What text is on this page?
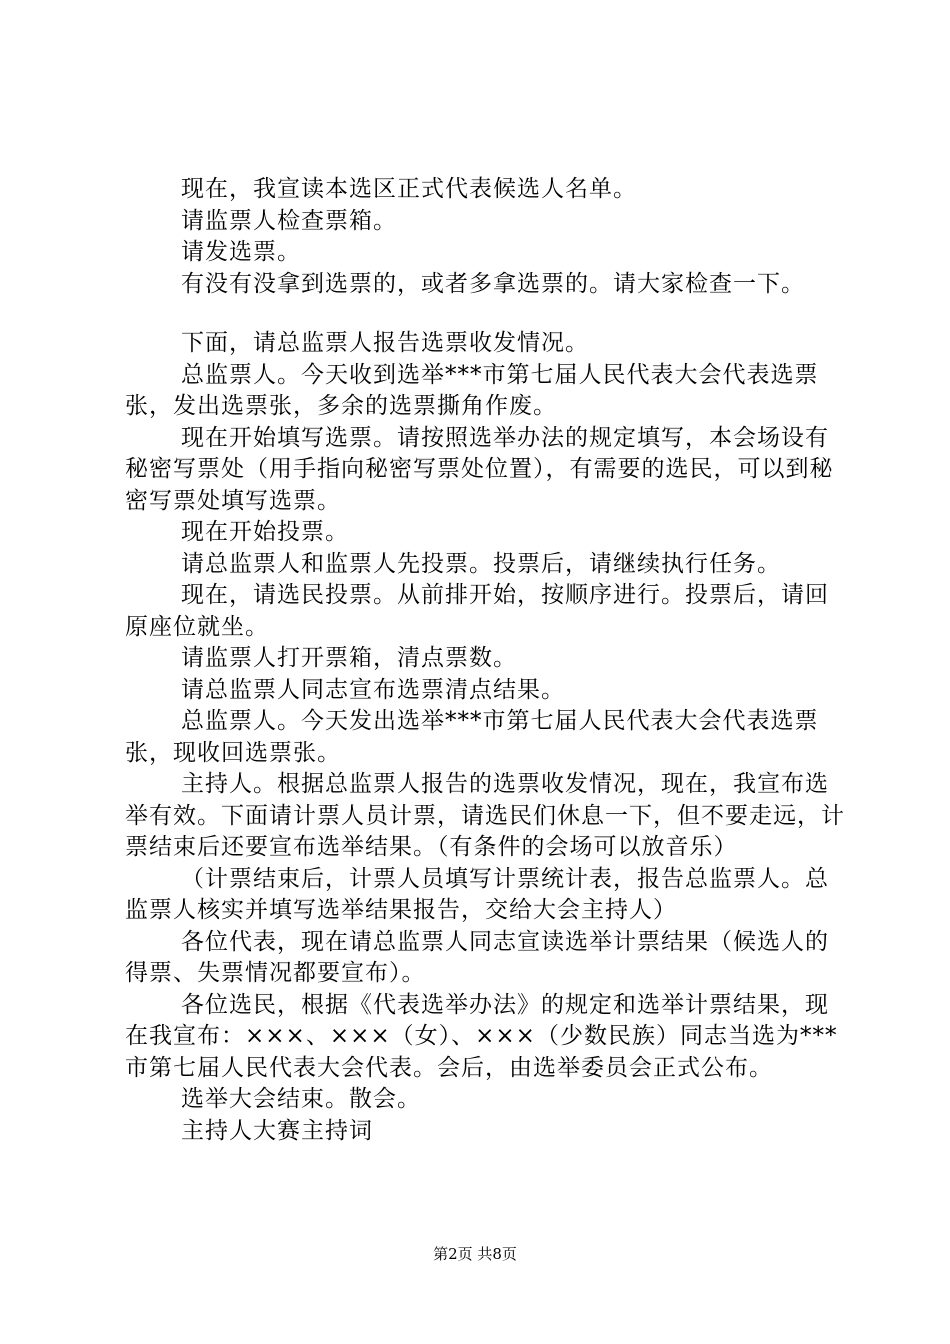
现在，我宣读本选区正式代表候选人名单。

请监票人检查票箱。

请发选票。

有没有没拿到选票的，或者多拿选票的。请大家检查一下。

下面，请总监票人报告选票收发情况。

总监票人。今天收到选举***市第七届人民代表大会代表选票张，发出选票张，多余的选票撕角作废。

现在开始填写选票。请按照选举办法的规定填写，本会场设有秘密写票处（用手指向秘密写票处位置），有需要的选民，可以到秘密写票处填写选票。

现在开始投票。

请总监票人和监票人先投票。投票后，请继续执行任务。

现在，请选民投票。从前排开始，按顺序进行。投票后，请回原座位就坐。

请监票人打开票箱，清点票数。

请总监票人同志宣布选票清点结果。

总监票人。今天发出选举***市第七届人民代表大会代表选票张，现收回选票张。

主持人。根据总监票人报告的选票收发情况，现在，我宣布选举有效。下面请计票人员计票，请选民们休息一下，但不要走远，计票结束后还要宣布选举结果。（有条件的会场可以放音乐）

（计票结束后，计票人员填写计票统计表，报告总监票人。总监票人核实并填写选举结果报告，交给大会主持人）

各位代表，现在请总监票人同志宣读选举计票结果（候选人的得票、失票情况都要宣布）。

各位选民，根据《代表选举办法》的规定和选举计票结果，现在我宣布：×××、×××（女）、×××（少数民族）同志当选为***市第七届人民代表大会代表。会后，由选举委员会正式公布。

选举大会结束。散会。

主持人大赛主持词

第2页 共8页
